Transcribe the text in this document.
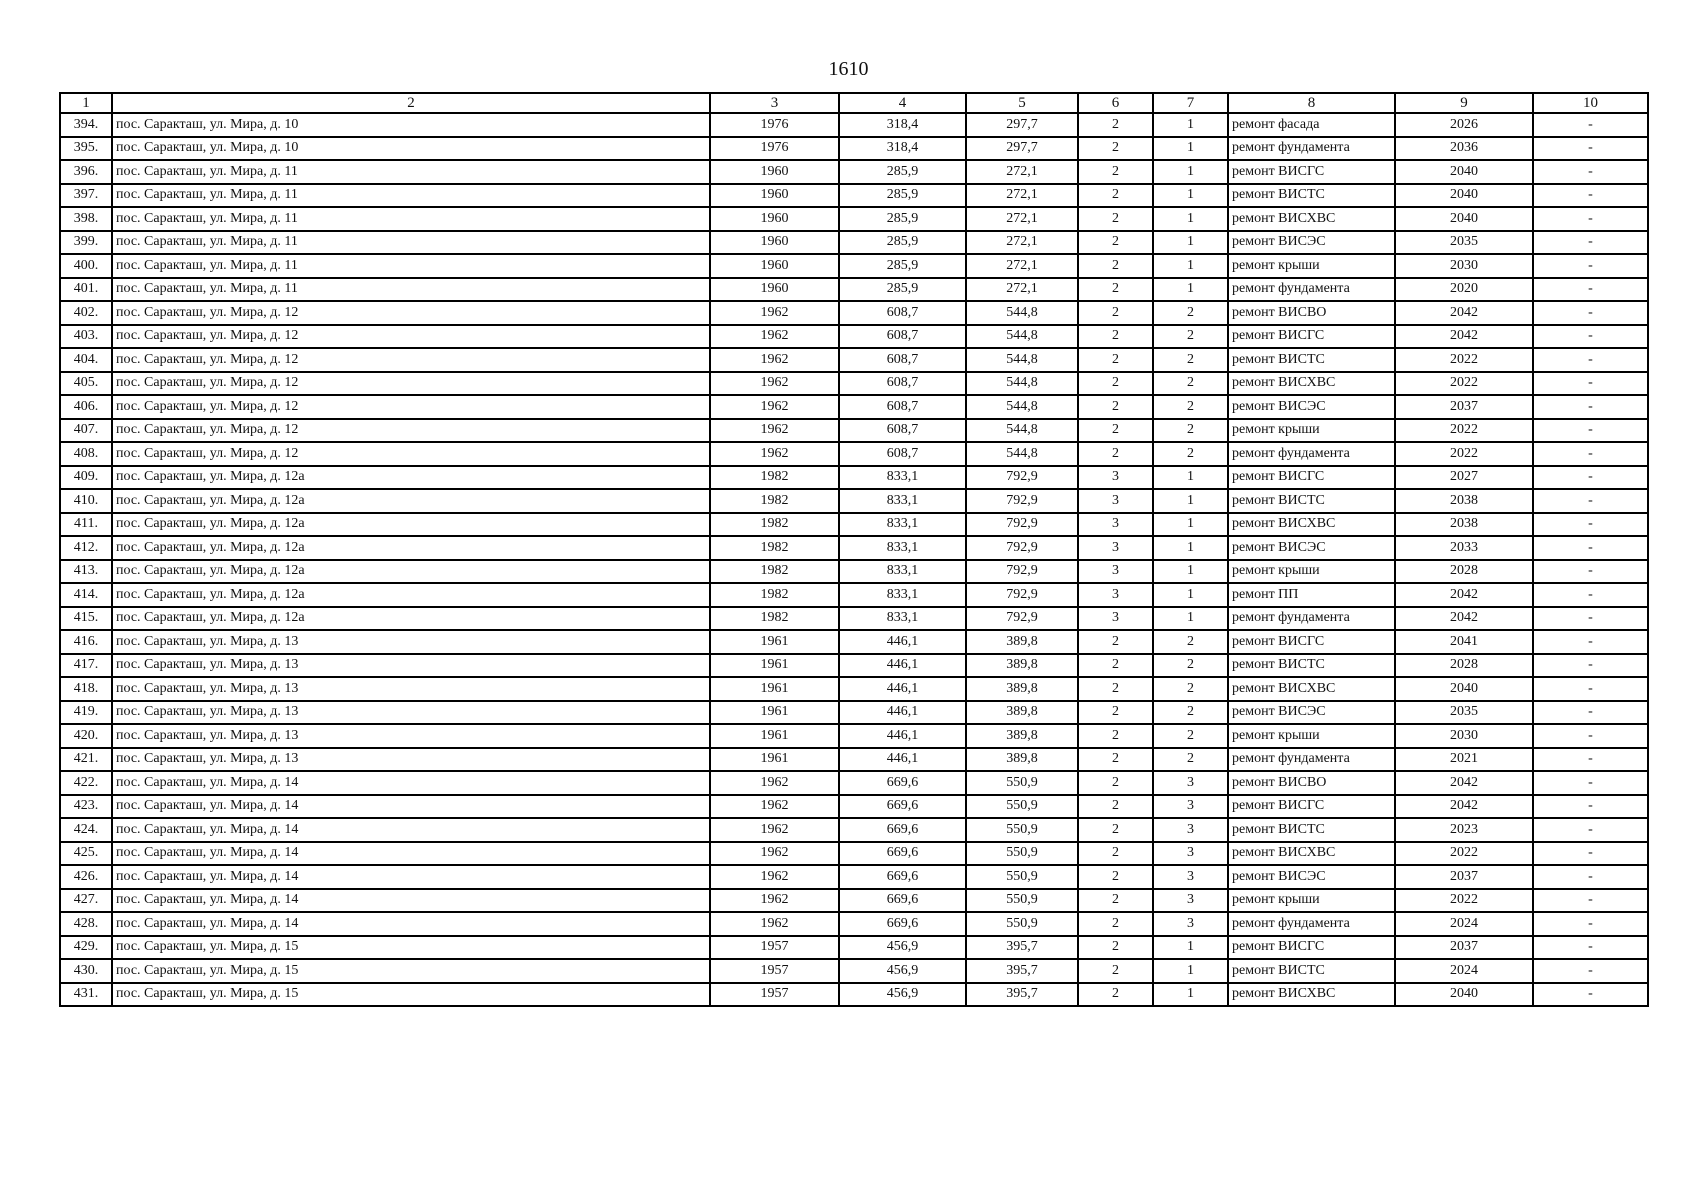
1610
1	2	3	4	5	6	7	8	9	10
394.	пос. Саракташ, ул. Мира, д. 10	1976	318,4	297,7	2	1	ремонт фасада	2026	-
395.	пос. Саракташ, ул. Мира, д. 10	1976	318,4	297,7	2	1	ремонт фундамента	2036	-
396.	пос. Саракташ, ул. Мира, д. 11	1960	285,9	272,1	2	1	ремонт ВИСГС	2040	-
397.	пос. Саракташ, ул. Мира, д. 11	1960	285,9	272,1	2	1	ремонт ВИСТС	2040	-
398.	пос. Саракташ, ул. Мира, д. 11	1960	285,9	272,1	2	1	ремонт ВИСХВС	2040	-
399.	пос. Саракташ, ул. Мира, д. 11	1960	285,9	272,1	2	1	ремонт ВИСЭС	2035	-
400.	пос. Саракташ, ул. Мира, д. 11	1960	285,9	272,1	2	1	ремонт крыши	2030	-
401.	пос. Саракташ, ул. Мира, д. 11	1960	285,9	272,1	2	1	ремонт фундамента	2020	-
402.	пос. Саракташ, ул. Мира, д. 12	1962	608,7	544,8	2	2	ремонт ВИСВО	2042	-
403.	пос. Саракташ, ул. Мира, д. 12	1962	608,7	544,8	2	2	ремонт ВИСГС	2042	-
404.	пос. Саракташ, ул. Мира, д. 12	1962	608,7	544,8	2	2	ремонт ВИСТС	2022	-
405.	пос. Саракташ, ул. Мира, д. 12	1962	608,7	544,8	2	2	ремонт ВИСХВС	2022	-
406.	пос. Саракташ, ул. Мира, д. 12	1962	608,7	544,8	2	2	ремонт ВИСЭС	2037	-
407.	пос. Саракташ, ул. Мира, д. 12	1962	608,7	544,8	2	2	ремонт крыши	2022	-
408.	пос. Саракташ, ул. Мира, д. 12	1962	608,7	544,8	2	2	ремонт фундамента	2022	-
409.	пос. Саракташ, ул. Мира, д. 12а	1982	833,1	792,9	3	1	ремонт ВИСГС	2027	-
410.	пос. Саракташ, ул. Мира, д. 12а	1982	833,1	792,9	3	1	ремонт ВИСТС	2038	-
411.	пос. Саракташ, ул. Мира, д. 12а	1982	833,1	792,9	3	1	ремонт ВИСХВС	2038	-
412.	пос. Саракташ, ул. Мира, д. 12а	1982	833,1	792,9	3	1	ремонт ВИСЭС	2033	-
413.	пос. Саракташ, ул. Мира, д. 12а	1982	833,1	792,9	3	1	ремонт крыши	2028	-
414.	пос. Саракташ, ул. Мира, д. 12а	1982	833,1	792,9	3	1	ремонт ПП	2042	-
415.	пос. Саракташ, ул. Мира, д. 12а	1982	833,1	792,9	3	1	ремонт фундамента	2042	-
416.	пос. Саракташ, ул. Мира, д. 13	1961	446,1	389,8	2	2	ремонт ВИСГС	2041	-
417.	пос. Саракташ, ул. Мира, д. 13	1961	446,1	389,8	2	2	ремонт ВИСТС	2028	-
418.	пос. Саракташ, ул. Мира, д. 13	1961	446,1	389,8	2	2	ремонт ВИСХВС	2040	-
419.	пос. Саракташ, ул. Мира, д. 13	1961	446,1	389,8	2	2	ремонт ВИСЭС	2035	-
420.	пос. Саракташ, ул. Мира, д. 13	1961	446,1	389,8	2	2	ремонт крыши	2030	-
421.	пос. Саракташ, ул. Мира, д. 13	1961	446,1	389,8	2	2	ремонт фундамента	2021	-
422.	пос. Саракташ, ул. Мира, д. 14	1962	669,6	550,9	2	3	ремонт ВИСВО	2042	-
423.	пос. Саракташ, ул. Мира, д. 14	1962	669,6	550,9	2	3	ремонт ВИСГС	2042	-
424.	пос. Саракташ, ул. Мира, д. 14	1962	669,6	550,9	2	3	ремонт ВИСТС	2023	-
425.	пос. Саракташ, ул. Мира, д. 14	1962	669,6	550,9	2	3	ремонт ВИСХВС	2022	-
426.	пос. Саракташ, ул. Мира, д. 14	1962	669,6	550,9	2	3	ремонт ВИСЭС	2037	-
427.	пос. Саракташ, ул. Мира, д. 14	1962	669,6	550,9	2	3	ремонт крыши	2022	-
428.	пос. Саракташ, ул. Мира, д. 14	1962	669,6	550,9	2	3	ремонт фундамента	2024	-
429.	пос. Саракташ, ул. Мира, д. 15	1957	456,9	395,7	2	1	ремонт ВИСГС	2037	-
430.	пос. Саракташ, ул. Мира, д. 15	1957	456,9	395,7	2	1	ремонт ВИСТС	2024	-
431.	пос. Саракташ, ул. Мира, д. 15	1957	456,9	395,7	2	1	ремонт ВИСХВС	2040	-
